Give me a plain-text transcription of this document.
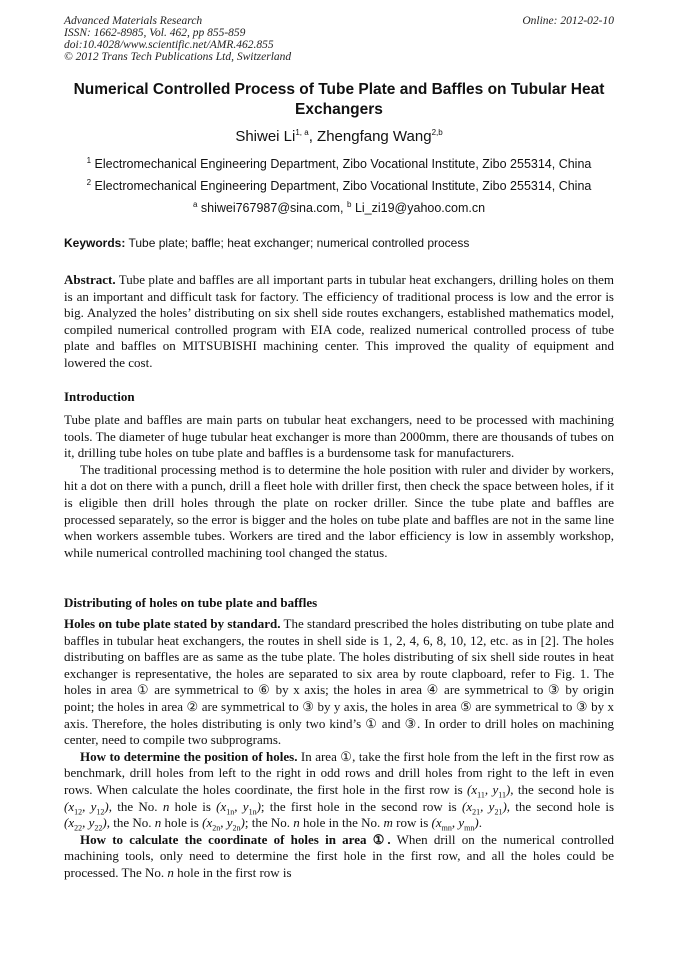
Advanced Materials Research
ISSN: 1662-8985, Vol. 462, pp 855-859
doi:10.4028/www.scientific.net/AMR.462.855
© 2012 Trans Tech Publications Ltd, Switzerland
Online: 2012-02-10
Numerical Controlled Process of Tube Plate and Baffles on Tubular Heat Exchangers
Shiwei Li$^{1, a}$, Zhengfang Wang$^{2,b}$
$^1$ Electromechanical Engineering Department, Zibo Vocational Institute, Zibo 255314, China
$^2$ Electromechanical Engineering Department, Zibo Vocational Institute, Zibo 255314, China
$^a$ shiwei767987@sina.com, $^b$ Li_zi19@yahoo.com.cn
Keywords: Tube plate; baffle; heat exchanger; numerical controlled process

Abstract. Tube plate and baffles are all important parts in tubular heat exchangers, drilling holes on them is an important and difficult task for factory. The efficiency of traditional process is low and the error is big. Analyzed the holes’ distributing on six shell side routes exchangers, established mathematics model, compiled numerical controlled program with EIA code, realized numerical controlled process of tube plate and baffles on MITSUBISHI machining center. This improved the quality of equipment and lowered the cost.

Introduction

Tube plate and baffles are main parts on tubular heat exchangers, need to be processed with machining tools. The diameter of huge tubular heat exchanger is more than 2000mm, there are thousands of tubes on it, drilling tube holes on tube plate and baffles is a burdensome task for manufacturers.

The traditional processing method is to determine the hole position with ruler and divider by workers, hit a dot on there with a punch, drill a fleet hole with driller first, then check the space between holes, if it is eligible then drill holes through the plate on rocker driller. Since the tube plate and baffles are processed separately, so the error is bigger and the holes on tube plate and baffles are not in the same line when workers assemble tubes. Workers are tired and the labor efficiency is low in assembly workshop, while numerical controlled machining tool changed the status.

Distributing of holes on tube plate and baffles

Holes on tube plate stated by standard. The standard prescribed the holes distributing on tube plate and baffles in tubular heat exchangers, the routes in shell side is 1, 2, 4, 6, 8, 10, 12, etc. as in [2]. The holes distributing on baffles are as same as the tube plate. The holes distributing of six shell side routes in heat exchanger is representative, the holes are separated to six area by route clapboard, refer to Fig. 1. The holes in area ① are symmetrical to ⑥ by x axis; the holes in area ④ are symmetrical to ③ by origin point; the holes in area ② are symmetrical to ③ by y axis, the holes in area ⑤ are symmetrical to ③ by x axis. Therefore, the holes distributing is only two kind’s ① and ③. In order to drill holes on machining center, need to compile two subprograms.

How to determine the position of holes. In area ①, take the first hole from the left in the first row as benchmark, drill holes from left to the right in odd rows and drill holes from right to the left in even rows. When calculate the holes coordinate, the first hole in the first row is ($x_{11}$, $y_{11}$), the second hole is ($x_{12}$, $y_{12}$), the No. n hole is ($x_{1n}$, $y_{1n}$); the first hole in the second row is ($x_{21}$, $y_{21}$), the second hole is ($x_{22}$, $y_{22}$), the No. n hole is ($x_{2n}$, $y_{2n}$); the No. n hole in the No. m row is ($x_{mn}$, $y_{mn}$).

How to calculate the coordinate of holes in area ①. When drill on the numerical controlled machining tools, only need to determine the first hole in the first row, and all the holes could be processed. The No. n hole in the first row is
